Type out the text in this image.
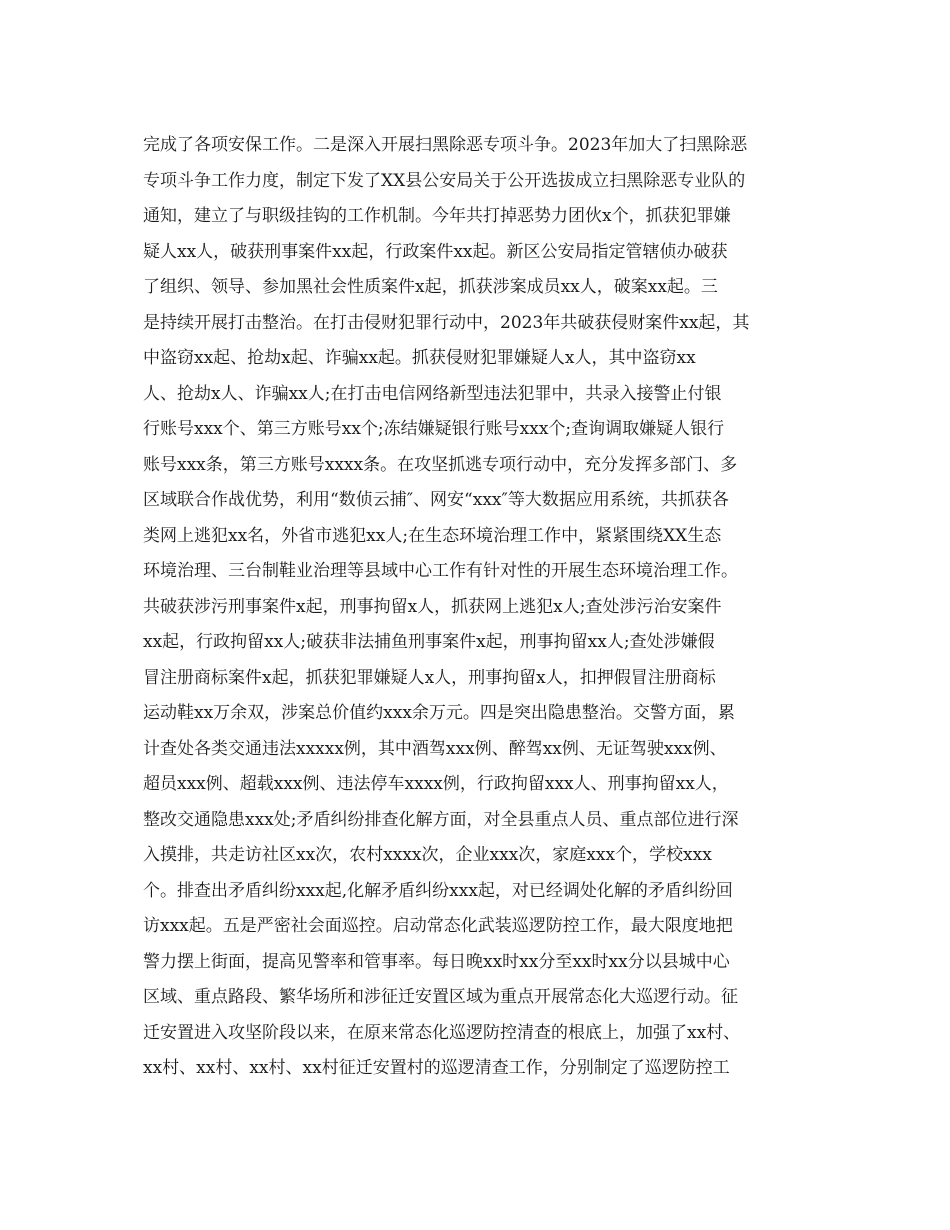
完成了各项安保工作。二是深入开展扫黑除恶专项斗争。2023年加大了扫黑除恶
专项斗争工作力度，制定下发了XX县公安局关于公开选拔成立扫黑除恶专业队的
通知，建立了与职级挂钩的工作机制。今年共打掉恶势力团伙x个，抓获犯罪嫌
疑人xx人，破获刑事案件xx起，行政案件xx起。新区公安局指定管辖侦办破获
了组织、领导、参加黑社会性质案件x起，抓获涉案成员xx人，破案xx起。三
是持续开展打击整治。在打击侵财犯罪行动中，2023年共破获侵财案件xx起，其
中盗窃xx起、抢劫x起、诈骗xx起。抓获侵财犯罪嫌疑人x人，其中盗窃xx
人、抢劫x人、诈骗xx人;在打击电信网络新型违法犯罪中，共录入接警止付银
行账号xxx个、第三方账号xx个;冻结嫌疑银行账号xxx个;查询调取嫌疑人银行
账号xxx条，第三方账号xxxx条。在攻坚抓逃专项行动中，充分发挥多部门、多
区域联合作战优势，利用“数侦云捕″、网安“xxx″等大数据应用系统，共抓获各
类网上逃犯xx名，外省市逃犯xx人;在生态环境治理工作中，紧紧围绕XX生态
环境治理、三台制鞋业治理等县域中心工作有针对性的开展生态环境治理工作。
共破获涉污刑事案件x起，刑事拘留x人，抓获网上逃犯x人;查处涉污治安案件
xx起，行政拘留xx人;破获非法捕鱼刑事案件x起，刑事拘留xx人;查处涉嫌假
冒注册商标案件x起，抓获犯罪嫌疑人x人，刑事拘留x人，扣押假冒注册商标
运动鞋xx万余双，涉案总价值约xxx余万元。四是突出隐患整治。交警方面，累
计查处各类交通违法xxxxx例，其中酒驾xxx例、醉驾xx例、无证驾驶xxx例、
超员xxx例、超载xxx例、违法停车xxxx例，行政拘留xxx人、刑事拘留xx人，
整改交通隐患xxx处;矛盾纠纷排查化解方面，对全县重点人员、重点部位进行深
入摸排，共走访社区xx次，农村xxxx次，企业xxx次，家庭xxx个，学校xxx
个。排查出矛盾纠纷xxx起,化解矛盾纠纷xxx起，对已经调处化解的矛盾纠纷回
访xxx起。五是严密社会面巡控。启动常态化武装巡逻防控工作，最大限度地把
警力摆上街面，提高见警率和管事率。每日晚xx时xx分至xx时xx分以县城中心
区域、重点路段、繁华场所和涉征迁安置区域为重点开展常态化大巡逻行动。征
迁安置进入攻坚阶段以来，在原来常态化巡逻防控清查的根底上，加强了xx村、
xx村、xx村、xx村、xx村征迁安置村的巡逻清查工作，分别制定了巡逻防控工
